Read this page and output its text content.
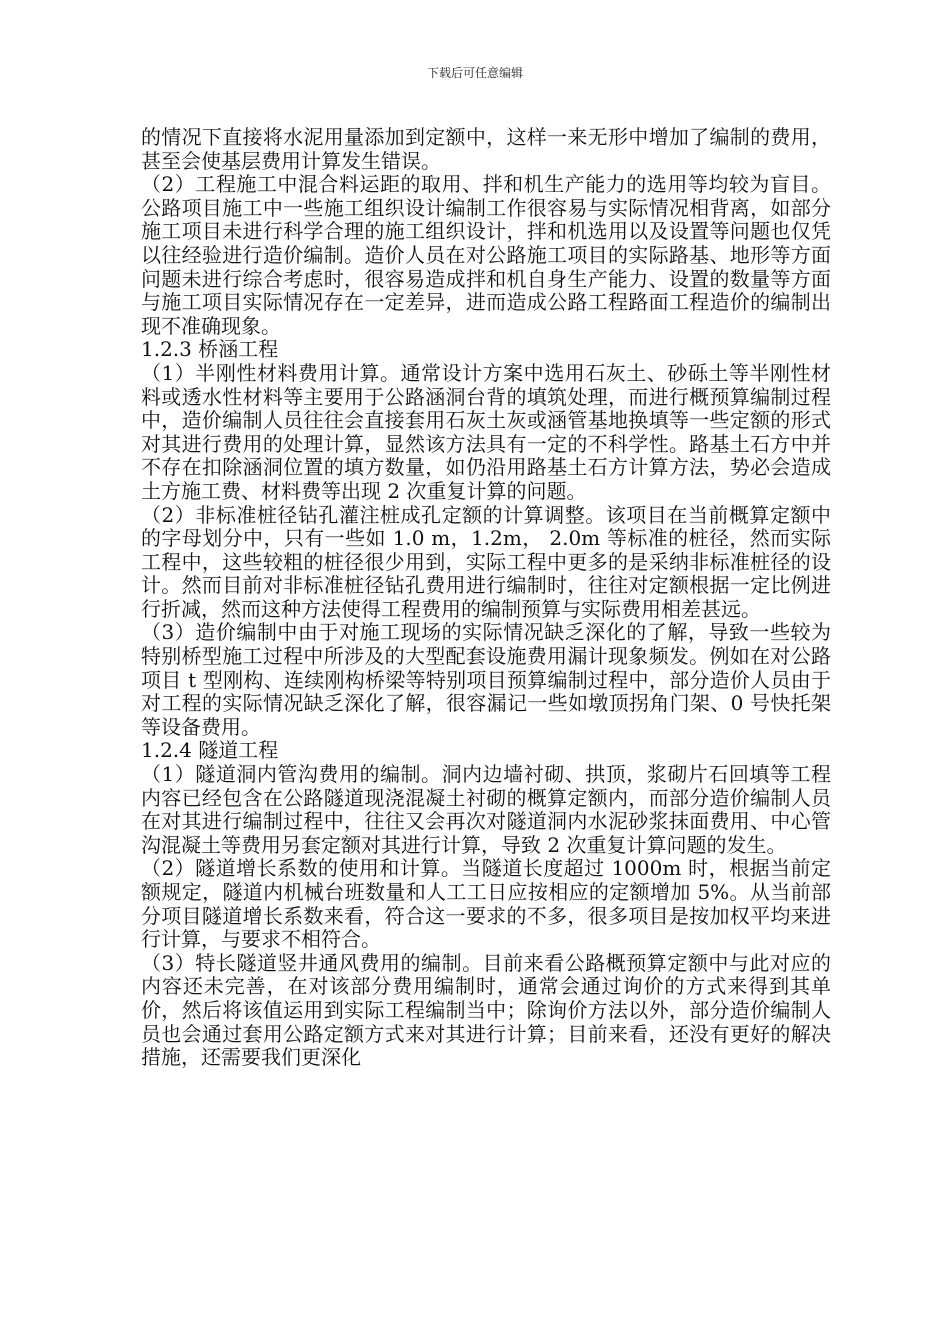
下载后可任意编辑

的情况下直接将水泥用量添加到定额中，这样一来无形中增加了编制的费用，甚至会使基层费用计算发生错误。

（2）工程施工中混合料运距的取用、拌和机生产能力的选用等均较为盲目。公路项目施工中一些施工组织设计编制工作很容易与实际情况相背离，如部分施工项目未进行科学合理的施工组织设计，拌和机选用以及设置等问题也仅凭以往经验进行造价编制。造价人员在对公路施工项目的实际路基、地形等方面问题未进行综合考虑时，很容易造成拌和机自身生产能力、设置的数量等方面与施工项目实际情况存在一定差异，进而造成公路工程路面工程造价的编制出现不准确现象。

1.2.3 桥涵工程

（1）半刚性材料费用计算。通常设计方案中选用石灰土、砂砾土等半刚性材料或透水性材料等主要用于公路涵洞台背的填筑处理，而进行概预算编制过程中，造价编制人员往往会直接套用石灰土灰或涵管基地换填等一些定额的形式对其进行费用的处理计算，显然该方法具有一定的不科学性。路基土石方中并不存在扣除涵洞位置的填方数量，如仍沿用路基土石方计算方法，势必会造成土方施工费、材料费等出现 2 次重复计算的问题。

（2）非标准桩径钻孔灌注桩成孔定额的计算调整。该项目在当前概算定额中的字母划分中，只有一些如 1.0 m，1.2m， 2.0m 等标准的桩径，然而实际工程中，这些较粗的桩径很少用到，实际工程中更多的是采纳非标准桩径的设计。然而目前对非标准桩径钻孔费用进行编制时，往往对定额根据一定比例进行折减，然而这种方法使得工程费用的编制预算与实际费用相差甚远。

（3）造价编制中由于对施工现场的实际情况缺乏深化的了解，导致一些较为特别桥型施工过程中所涉及的大型配套设施费用漏计现象频发。例如在对公路项目 t 型刚构、连续刚构桥梁等特别项目预算编制过程中，部分造价人员由于对工程的实际情况缺乏深化了解，很容漏记一些如墩顶拐角门架、0 号快托架等设备费用。

1.2.4 隧道工程

（1）隧道洞内管沟费用的编制。洞内边墙衬砌、拱顶，浆砌片石回填等工程内容已经包含在公路隧道现浇混凝土衬砌的概算定额内，而部分造价编制人员在对其进行编制过程中，往往又会再次对隧道洞内水泥砂浆抹面费用、中心管沟混凝土等费用另套定额对其进行计算，导致 2 次重复计算问题的发生。

（2）隧道增长系数的使用和计算。当隧道长度超过 1000m 时，根据当前定额规定，隧道内机械台班数量和人工工日应按相应的定额增加 5%。从当前部分项目隧道增长系数来看，符合这一要求的不多，很多项目是按加权平均来进行计算，与要求不相符合。

（3）特长隧道竖井通风费用的编制。目前来看公路概预算定额中与此对应的内容还未完善，在对该部分费用编制时，通常会通过询价的方式来得到其单价，然后将该值运用到实际工程编制当中；除询价方法以外，部分造价编制人员也会通过套用公路定额方式来对其进行计算；目前来看，还没有更好的解决措施，还需要我们更深化
